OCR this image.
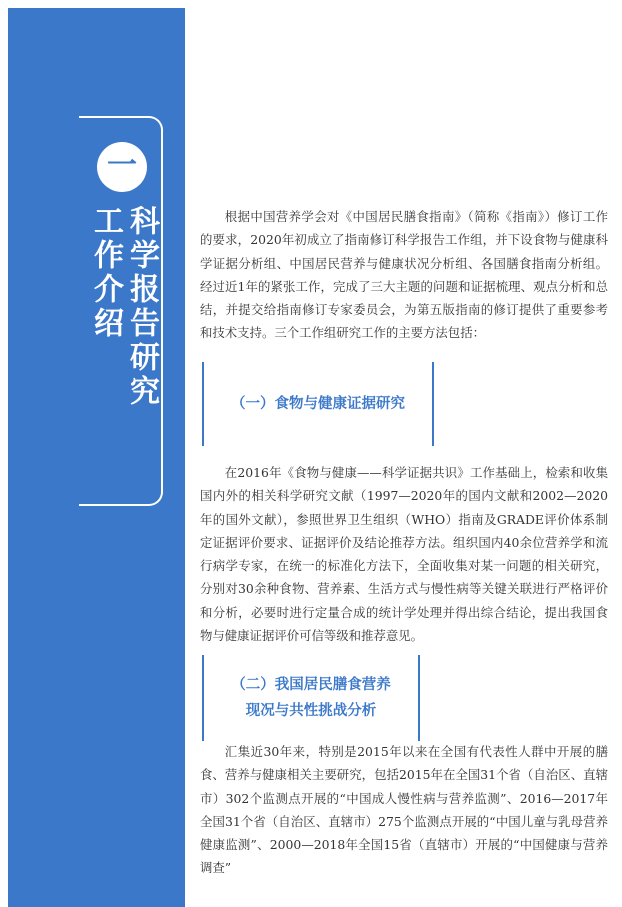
一
科学报告研究
工作介绍	根据中国营养学会对《中国居民膳食指南》（简称《指南》）修订工作的要求，2020年初成立了指南修订科学报告工作组，并下设食物与健康科学证据分析组、中国居民营养与健康状况分析组、各国膳食指南分析组。经过近1年的紧张工作，完成了三大主题的问题和证据梳理、观点分析和总结，并提交给指南修订专家委员会，为第五版指南的修订提供了重要参考和技术支持。三个工作组研究工作的主要方法包括：

（一）食物与健康证据研究

在2016年《食物与健康——科学证据共识》工作基础上，检索和收集国内外的相关科学研究文献（1997—2020年的国内文献和2002—2020年的国外文献），参照世界卫生组织（WHO）指南及GRADE评价体系制定证据评价要求、证据评价及结论推荐方法。组织国内40余位营养学和流行病学专家，在统一的标准化方法下，全面收集对某一问题的相关研究，分别对30余种食物、营养素、生活方式与慢性病等关键关联进行严格评价和分析，必要时进行定量合成的统计学处理并得出综合结论，提出我国食物与健康证据评价可信等级和推荐意见。

（二）我国居民膳食营养
现况与共性挑战分析

汇集近30年来，特别是2015年以来在全国有代表性人群中开展的膳食、营养与健康相关主要研究，包括2015年在全国31个省（自治区、直辖市）302个监测点开展的“中国成人慢性病与营养监测”、2016—2017年全国31个省（自治区、直辖市）275个监测点开展的“中国儿童与乳母营养健康监测”、2000—2018年全国15省（直辖市）开展的“中国健康与营养调查”
